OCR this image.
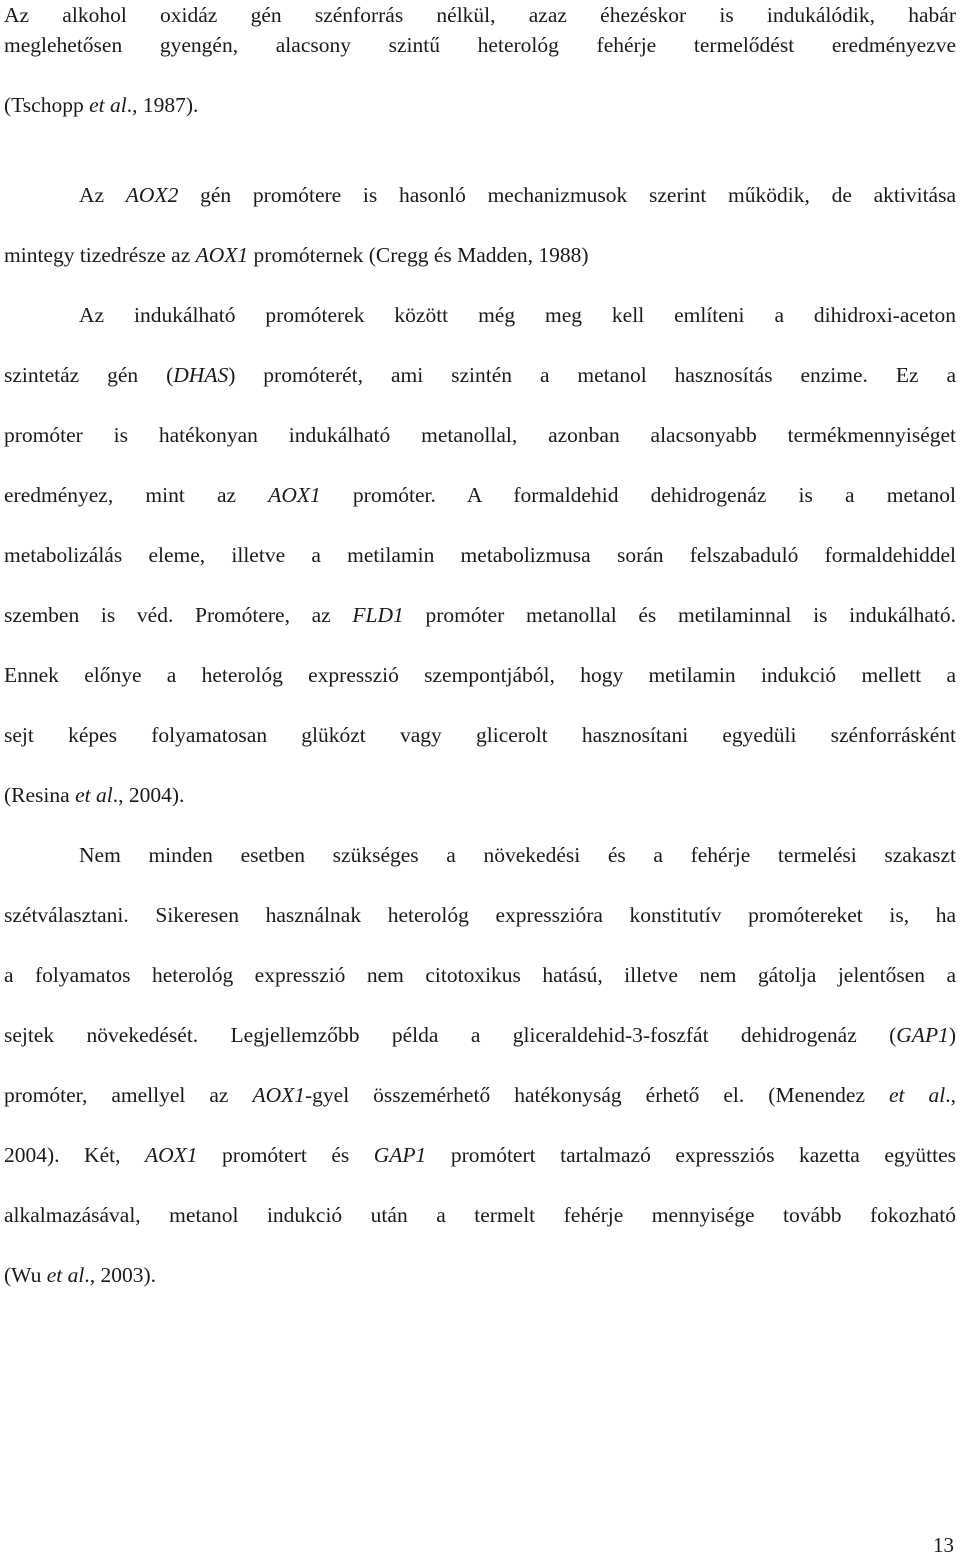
Az alkohol oxidáz gén szénforrás nélkül, azaz éhezéskor is indukálódik, habár
meglehetősen gyengén, alacsony szintű heterológ fehérje termelődést eredményezve
(Tschopp et al., 1987).
Az AOX2 gén promótere is hasonló mechanizmusok szerint működik, de aktivitása
mintegy tizedrésze az AOX1 promóternek (Cregg és Madden, 1988)
Az indukálható promóterek között még meg kell említeni a dihidroxi-aceton
szintetáz gén (DHAS) promóterét, ami szintén a metanol hasznosítás enzime. Ez a
promóter is hatékonyan indukálható metanollal, azonban alacsonyabb termékmennyiséget
eredményez, mint az AOX1 promóter. A formaldehid dehidrogenáz is a metanol
metabolizálás eleme, illetve a metilamin metabolizmusa során felszabaduló formaldehiddel
szemben is véd. Promótere, az FLD1 promóter metanollal és metilaminnal is indukálható.
Ennek előnye a heterológ expresszió szempontjából, hogy metilamin indukció mellett a
sejt képes folyamatosan glükózt vagy glicerolt hasznosítani egyedüli szénforrásként
(Resina et al., 2004).
Nem minden esetben szükséges a növekedési és a fehérje termelési szakaszt
szétválasztani. Sikeresen használnak heterológ expresszióra konstitutív promótereket is, ha
a folyamatos heterológ expresszió nem citotoxikus hatású, illetve nem gátolja jelentősen a
sejtek növekedését. Legjellemzőbb példa a gliceraldehid-3-foszfát dehidrogenáz (GAP1)
promóter, amellyel az AOX1-gyel összemérhető hatékonyság érhető el. (Menendez et al.,
2004). Két, AOX1 promótert és GAP1 promótert tartalmazó expressziós kazetta együttes
alkalmazásával, metanol indukció után a termelt fehérje mennyisége tovább fokozható
(Wu et al., 2003).
13
